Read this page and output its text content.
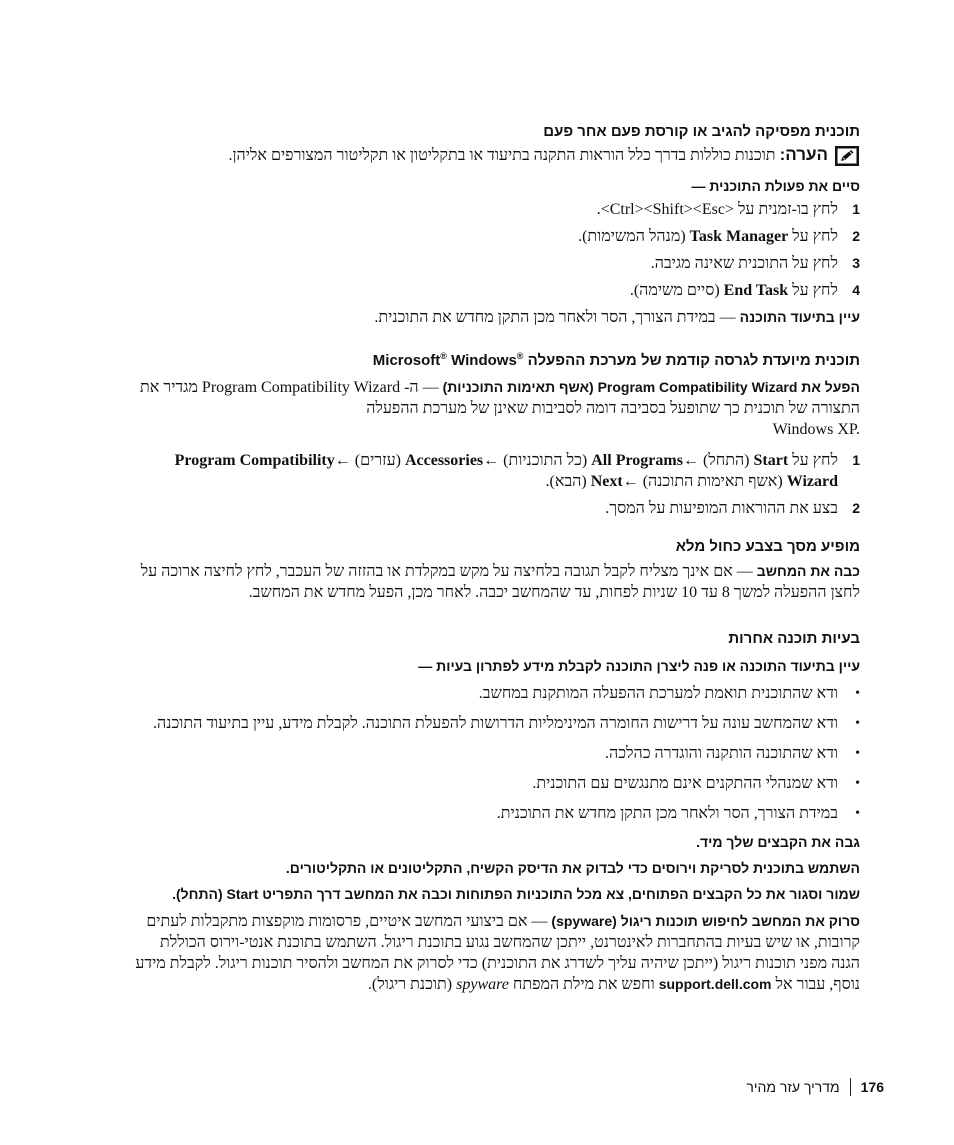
תוכנית מפסיקה להגיב או קורסת פעם אחר פעם
הערה: תוכנות כוללות בדרך כלל הוראות התקנה בתיעוד או בתקליטון או תקליטור המצורפים אליהן.
סיים את פעולת התוכנית —
1
לחץ בו-זמנית על <Ctrl><Shift><Esc>.
2
לחץ על Task Manager (מנהל המשימות).
3
לחץ על התוכנית שאינה מגיבה.
4
לחץ על End Task (סיים משימה).
עיין בתיעוד התוכנה — במידת הצורך, הסר ולאחר מכן התקן מחדש את התוכנית.
תוכנית מיועדת לגרסה קודמת של מערכת ההפעלה Microsoft® Windows®
הפעל את Program Compatibility Wizard (אשף תאימות התוכניות) — ה- Program Compatibility Wizard מגדיר את התצורה של תוכנית כך שתופעל בסביבה דומה לסביבות שאינן של מערכת ההפעלה
Windows XP.
1
לחץ על Start (התחל) ←All Programs (כל התוכניות) ←Accessories (עזרים) ←Program Compatibility Wizard (אשף תאימות התוכנה) ←Next (הבא).
2
בצע את ההוראות המופיעות על המסך.
מופיע מסך בצבע כחול מלא
כבה את המחשב — אם אינך מצליח לקבל תגובה בלחיצה על מקש במקלדת או בהזזה של העכבר, לחץ לחיצה ארוכה על לחצן ההפעלה למשך 8 עד 10 שניות לפחות, עד שהמחשב יכבה. לאחר מכן, הפעל מחדש את המחשב.
בעיות תוכנה אחרות
עיין בתיעוד התוכנה או פנה ליצרן התוכנה לקבלת מידע לפתרון בעיות —
•
ודא שהתוכנית תואמת למערכת ההפעלה המותקנת במחשב.
•
ודא שהמחשב עונה על דרישות החומרה המינימליות הדרושות להפעלת התוכנה. לקבלת מידע, עיין בתיעוד התוכנה.
•
ודא שהתוכנה הותקנה והוגדרה כהלכה.
•
ודא שמנהלי ההתקנים אינם מתנגשים עם התוכנית.
•
במידת הצורך, הסר ולאחר מכן התקן מחדש את התוכנית.
גבה את הקבצים שלך מיד.
השתמש בתוכנית לסריקת וירוסים כדי לבדוק את הדיסק הקשיח, התקליטונים או התקליטורים.
שמור וסגור את כל הקבצים הפתוחים, צא מכל התוכניות הפתוחות וכבה את המחשב דרך התפריט Start (התחל).
סרוק את המחשב לחיפוש תוכנות ריגול (spyware) — אם ביצועי המחשב איטיים, פרסומות מוקפצות מתקבלות לעתים קרובות, או שיש בעיות בהתחברות לאינטרנט, ייתכן שהמחשב נגוע בתוכנת ריגול. השתמש בתוכנת אנטי-וירוס הכוללת הגנה מפני תוכנות ריגול (ייתכן שיהיה עליך לשדרג את התוכנית) כדי לסרוק את המחשב ולהסיר תוכנות ריגול. לקבלת מידע נוסף, עבור אל support.dell.com וחפש את מילת המפתח spyware (תוכנת ריגול).
176
מדריך עזר מהיר
